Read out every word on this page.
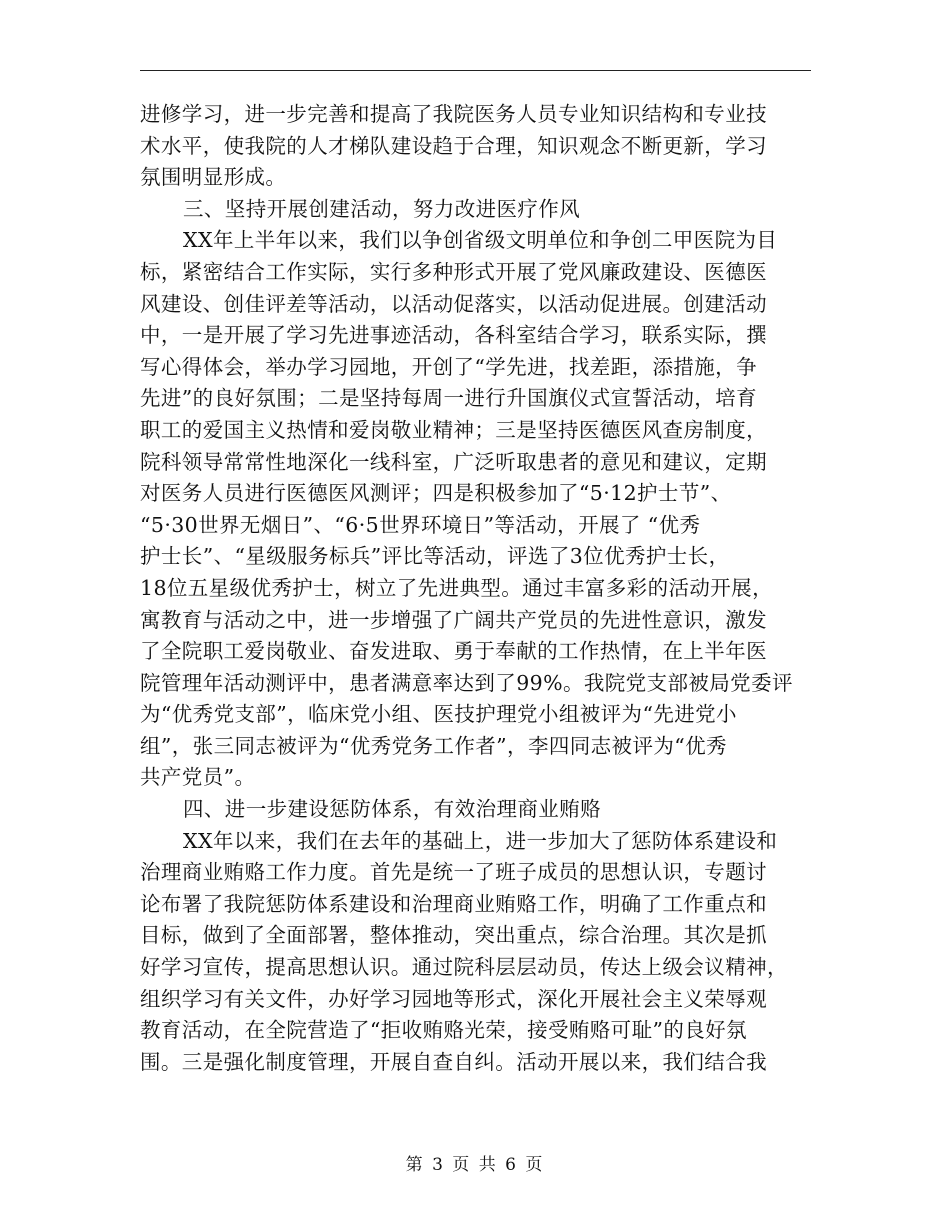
进修学习，进一步完善和提高了我院医务人员专业知识结构和专业技
术水平，使我院的人才梯队建设趋于合理，知识观念不断更新，学习
氛围明显形成。
三、坚持开展创建活动，努力改进医疗作风
XX年上半年以来，我们以争创省级文明单位和争创二甲医院为目
标，紧密结合工作实际，实行多种形式开展了党风廉政建设、医德医
风建设、创佳评差等活动，以活动促落实，以活动促进展。创建活动
中，一是开展了学习先进事迹活动，各科室结合学习，联系实际，撰
写心得体会，举办学习园地，开创了“学先进，找差距，添措施，争
先进”的良好氛围；二是坚持每周一进行升国旗仪式宣誓活动，培育
职工的爱国主义热情和爱岗敬业精神；三是坚持医德医风查房制度，
院科领导常常性地深化一线科室，广泛听取患者的意见和建议，定期
对医务人员进行医德医风测评；四是积极参加了“5·12护士节”、
“5·30世界无烟日”、“6·5世界环境日”等活动，开展了 “优秀
护士长”、“星级服务标兵”评比等活动，评选了3位优秀护士长，
18位五星级优秀护士，树立了先进典型。通过丰富多彩的活动开展，
寓教育与活动之中，进一步增强了广阔共产党员的先进性意识，激发
了全院职工爱岗敬业、奋发进取、勇于奉献的工作热情，在上半年医
院管理年活动测评中，患者满意率达到了99%。我院党支部被局党委评
为“优秀党支部”，临床党小组、医技护理党小组被评为“先进党小
组”，张三同志被评为“优秀党务工作者”，李四同志被评为“优秀
共产党员”。
四、进一步建设惩防体系，有效治理商业贿赂
XX年以来，我们在去年的基础上，进一步加大了惩防体系建设和
治理商业贿赂工作力度。首先是统一了班子成员的思想认识，专题讨
论布署了我院惩防体系建设和治理商业贿赂工作，明确了工作重点和
目标，做到了全面部署，整体推动，突出重点，综合治理。其次是抓
好学习宣传，提高思想认识。通过院科层层动员，传达上级会议精神，
组织学习有关文件，办好学习园地等形式，深化开展社会主义荣辱观
教育活动，在全院营造了“拒收贿赂光荣，接受贿赂可耻”的良好氛
围。三是强化制度管理，开展自查自纠。活动开展以来，我们结合我
第 3 页 共 6 页
